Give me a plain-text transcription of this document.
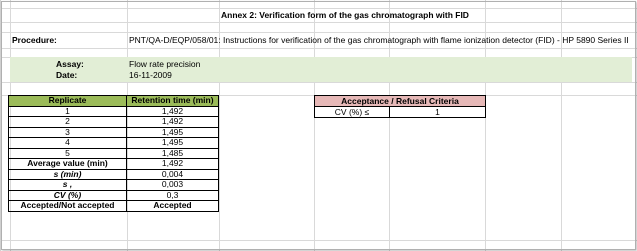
Annex 2: Verification form of the gas chromatograph with FID
Procedure:	PNT/QA-D/EQP/058/01: Instructions for verification of the gas chromatograph with flame ionization detector (FID) - HP 5890 Series II
Assay:	Flow rate precision
Date:	16-11-2009
Replicate	Retention time (min)
1	1,492
2	1,492
3	1,495
4	1,495
5	1,485
Average value (min)	1,492
s (min)	0,004
s ,	0,003
CV (%)	0,3
Accepted/Not accepted	Accepted
Acceptance / Refusal Criteria
CV (%) ≤	1
